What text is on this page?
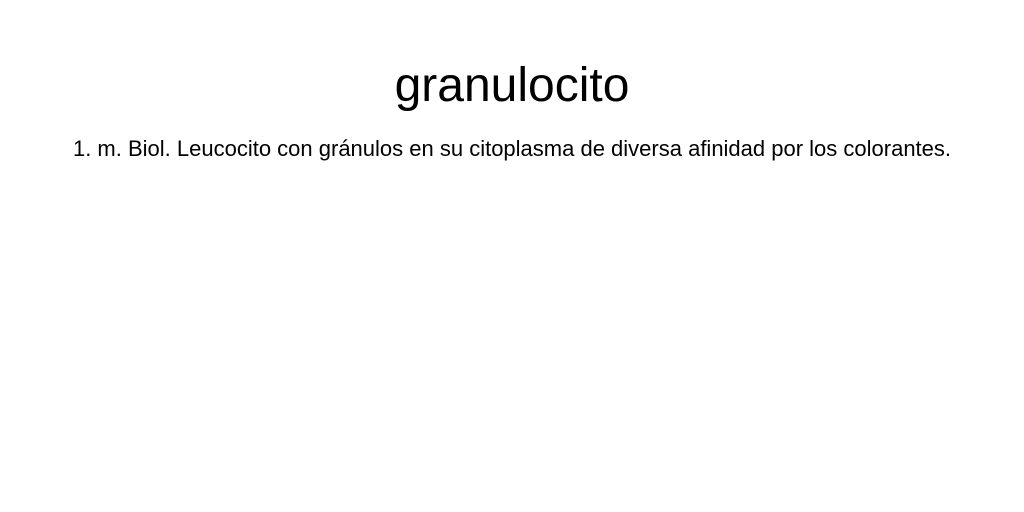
granulocito

1. m. Biol. Leucocito con gránulos en su citoplasma de diversa afinidad por los colorantes.
